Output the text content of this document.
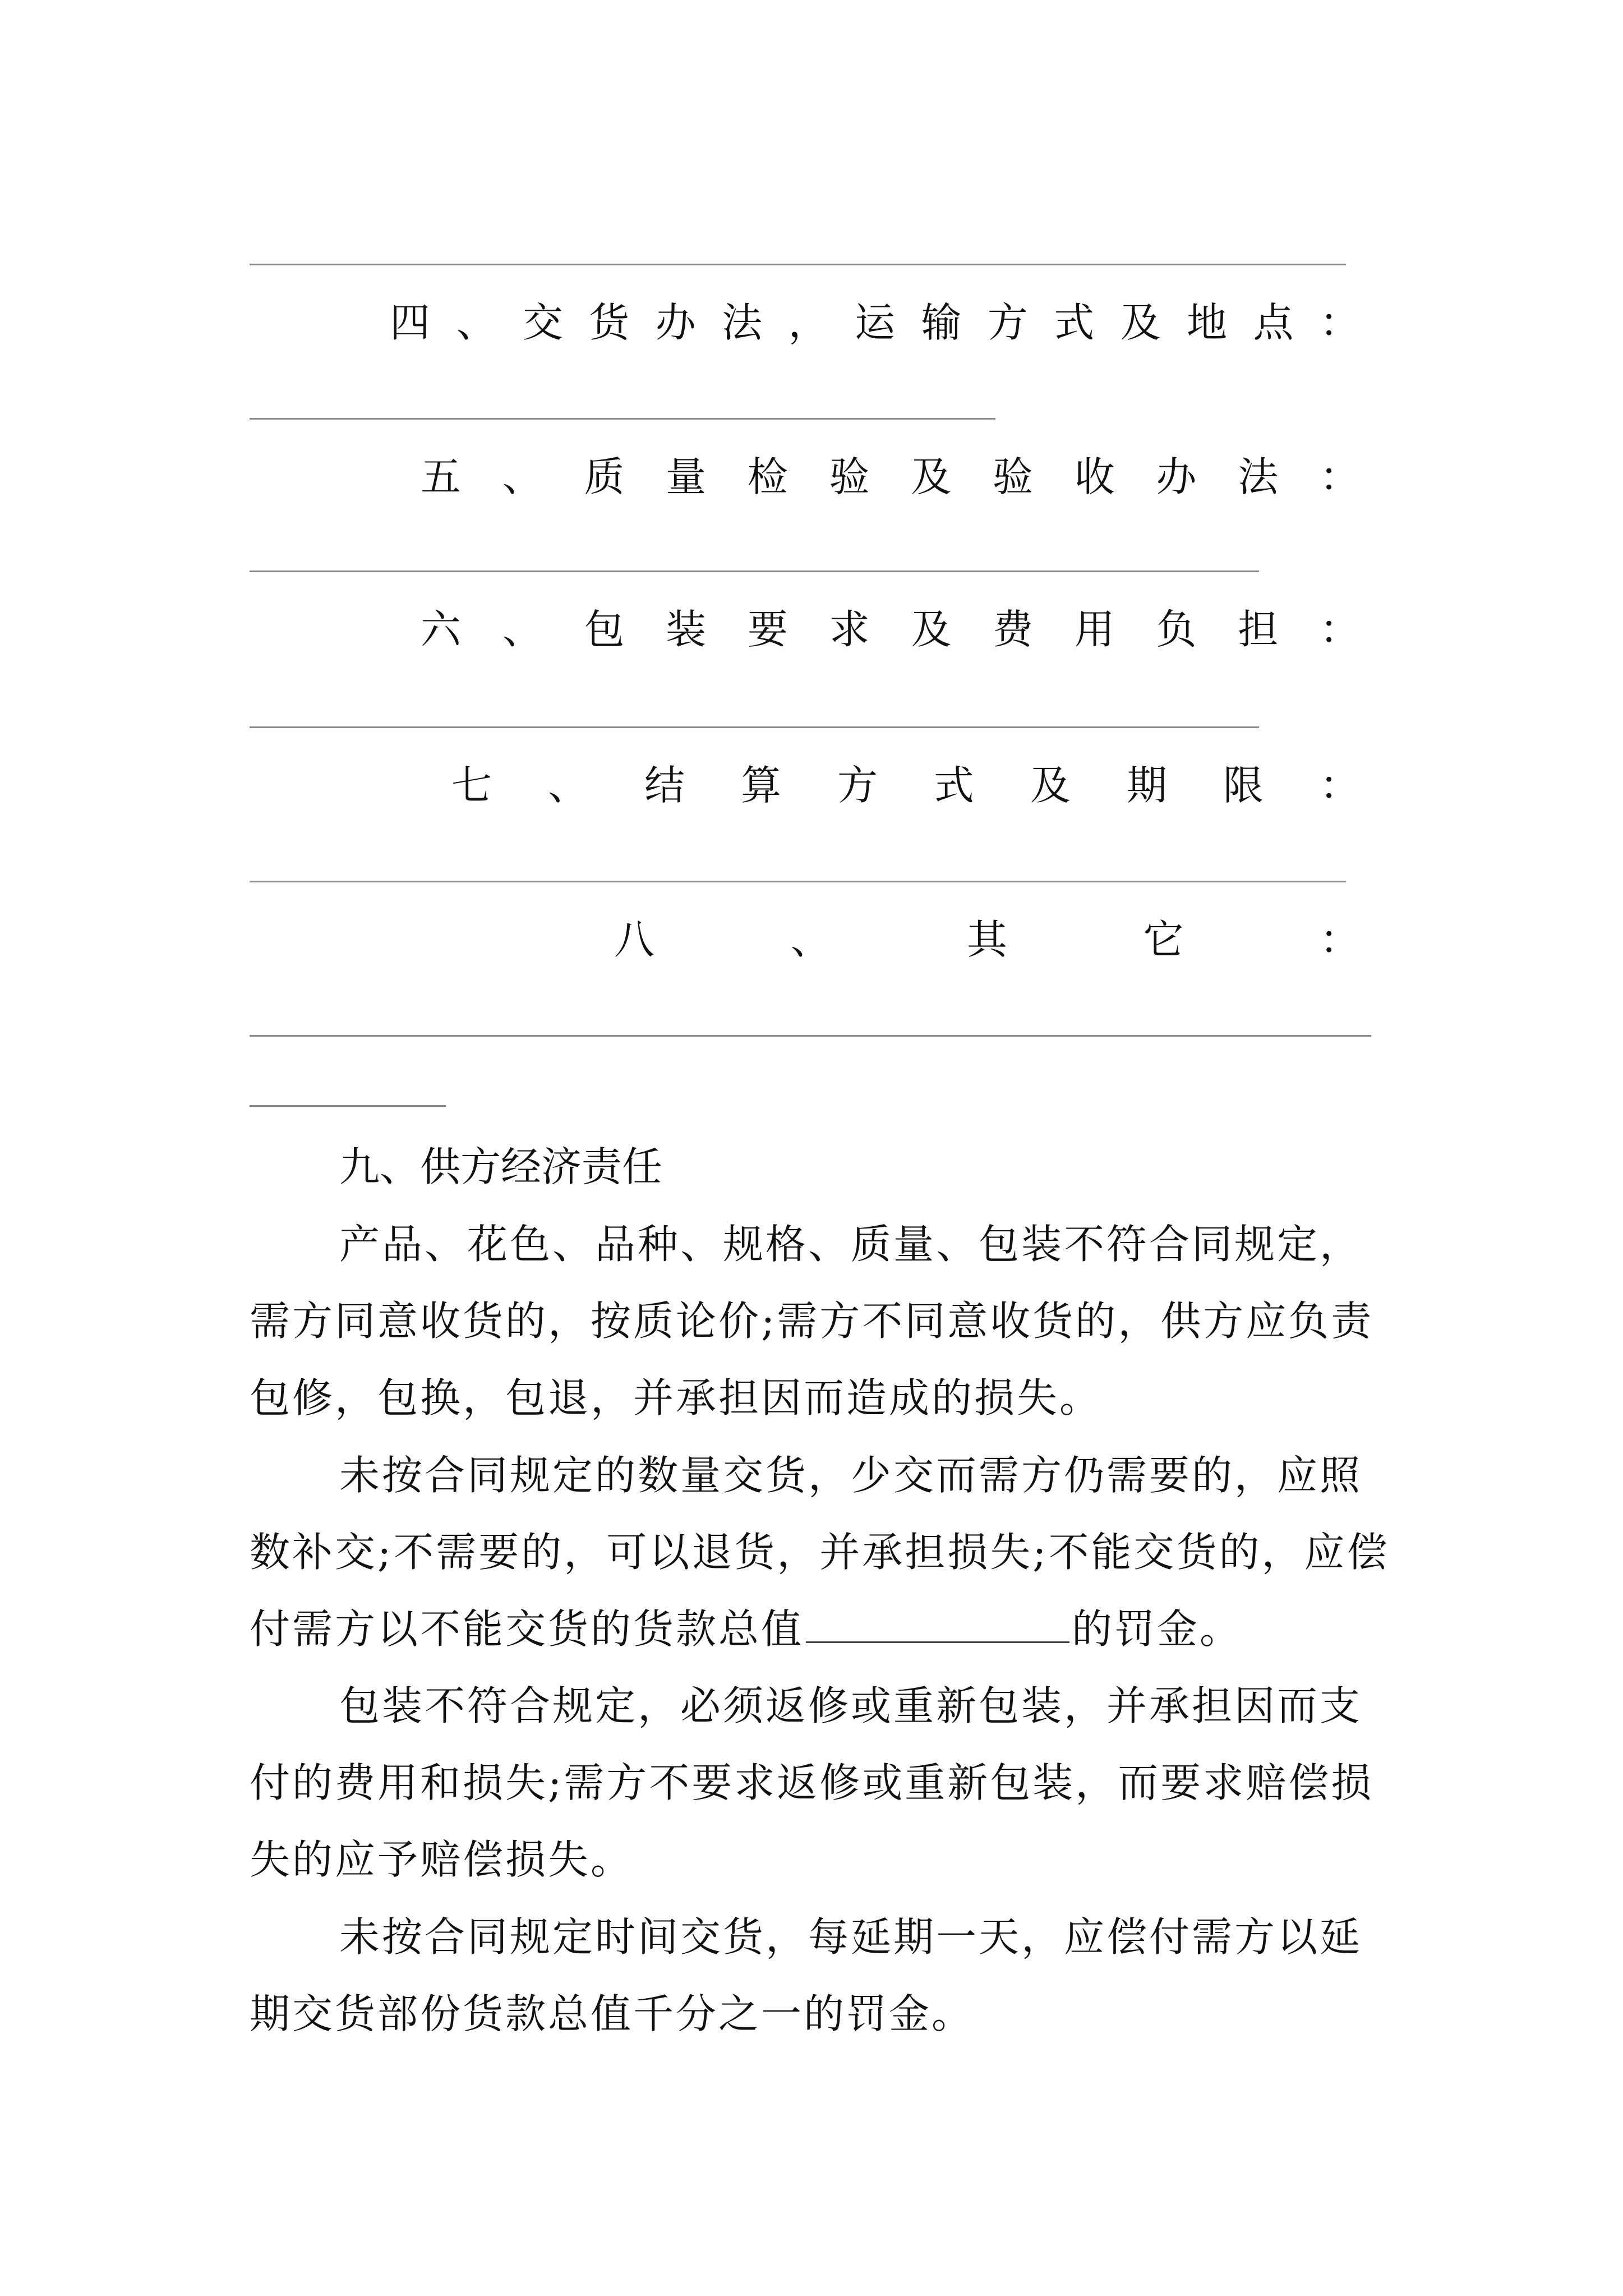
四 、 交 货 办 法 ， 运 输 方 式 及 地 点 ：
五 、 质 量 检 验 及 验 收 办 法 ：
六 、 包 装 要 求 及 费 用 负 担 ：
七 、 结 算 方 式 及 期 限 ：
八	、	其	它	：
九、供方经济责任

产品、花色、品种、规格、质量、包装不符合同规定，需方同意收货的，按质论价;需方不同意收货的，供方应负责包修，包换，包退，并承担因而造成的损失。

未按合同规定的数量交货，少交而需方仍需要的，应照数补交;不需要的，可以退货，并承担损失;不能交货的，应偿付需方以不能交货的货款总值	的罚金。

包装不符合规定，必须返修或重新包装，并承担因而支付的费用和损失;需方不要求返修或重新包装，而要求赔偿损失的应予赔偿损失。

未按合同规定时间交货，每延期一天，应偿付需方以延期交货部份货款总值千分之一的罚金。
